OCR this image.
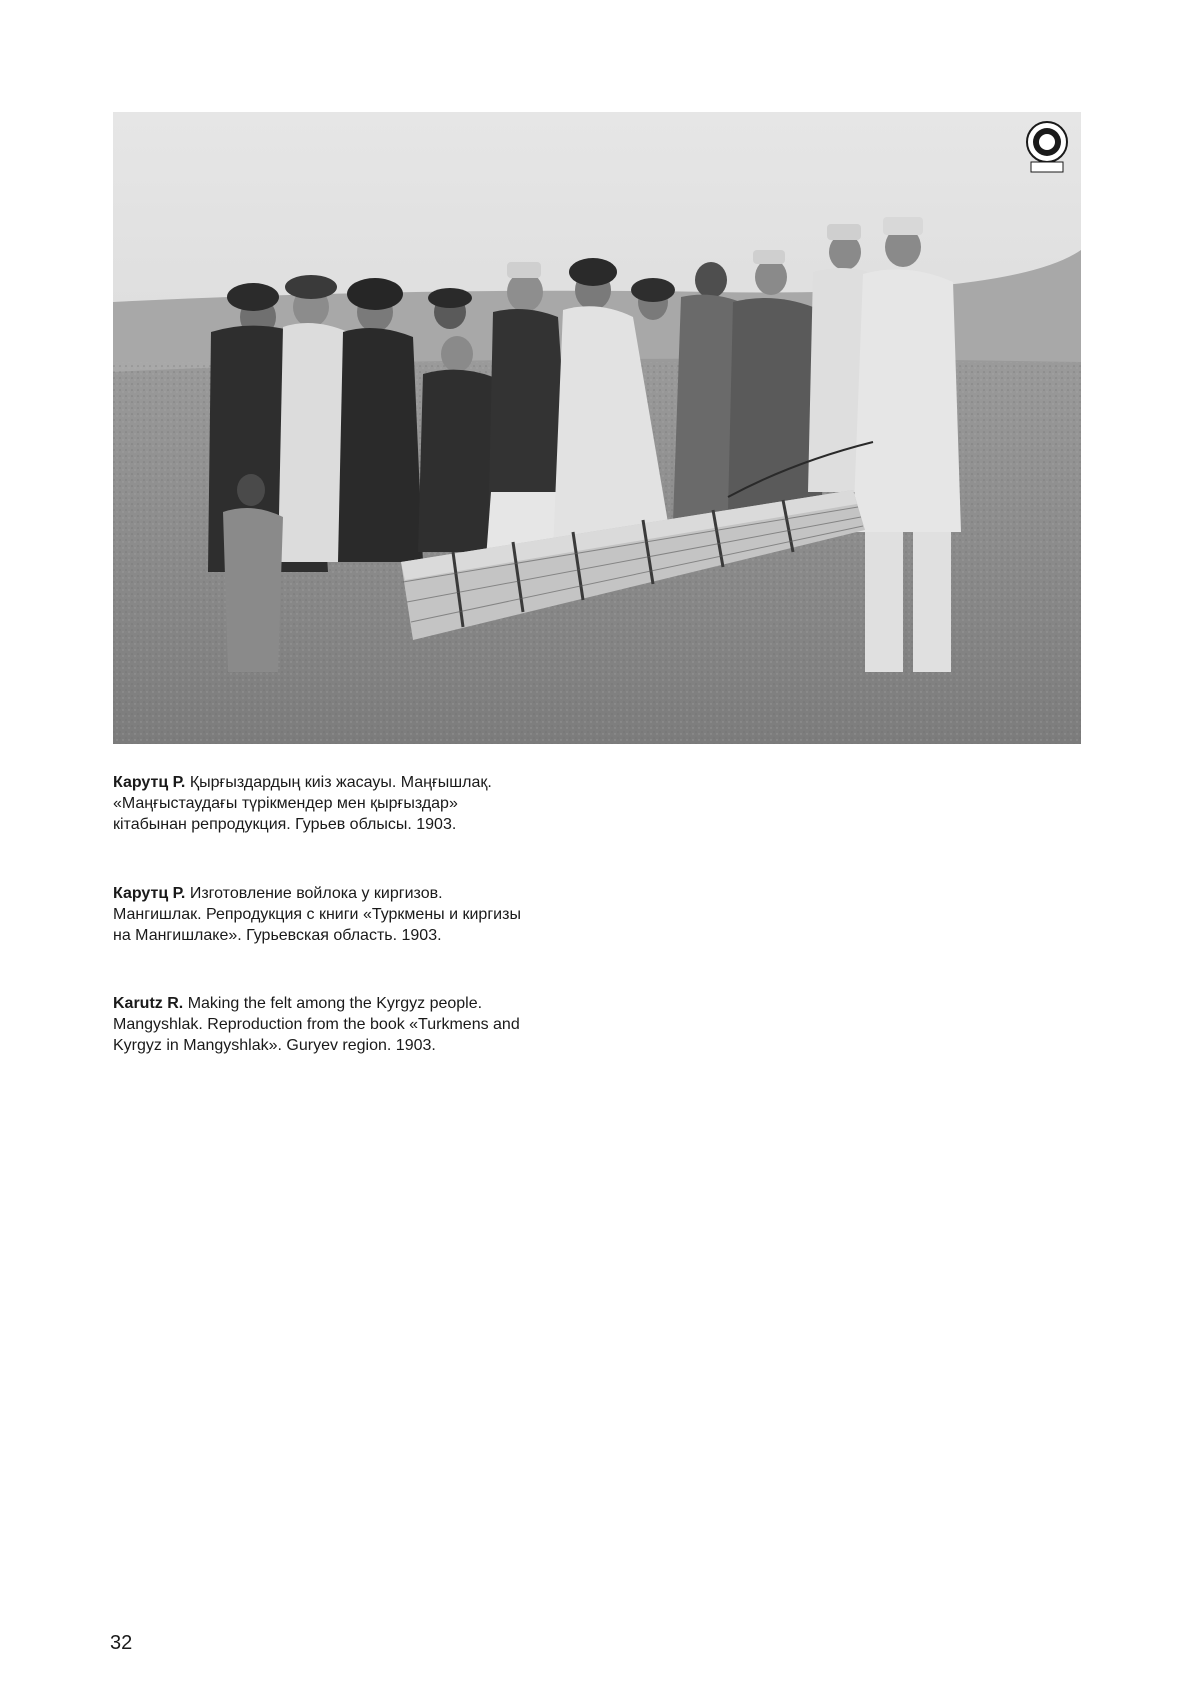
Карутц Р. Қырғыздардың киіз жасауы. Маңғышлақ.
«Маңғыстаудағы түрікмендер мен қырғыздар»
кітабынан репродукция. Гурьев облысы. 1903.
Карутц Р. Изготовление войлока у киргизов.
Мангишлак. Репродукция с книги «Туркмены и киргизы
на Мангишлаке». Гурьевская область. 1903.
Karutz R. Making the felt among the Kyrgyz people.
Mangyshlak. Reproduction from the book «Turkmens and
Kyrgyz in Mangyshlak». Guryev region. 1903.
32
